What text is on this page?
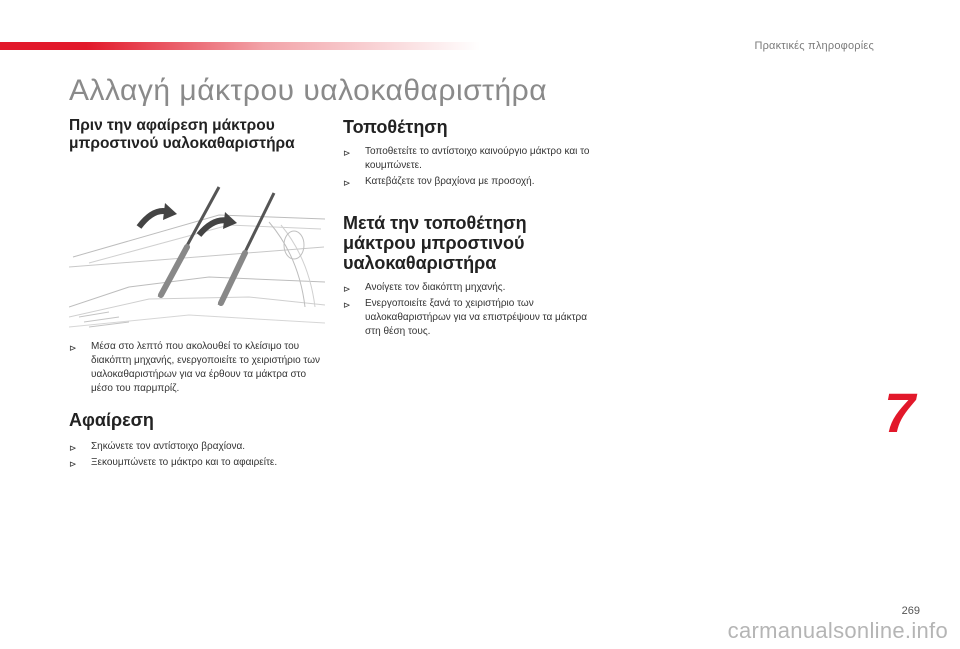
Πρακτικές πληροφορίες
Αλλαγή μάκτρου υαλοκαθαριστήρα
Πριν την αφαίρεση μάκτρου μπροστινού υαλοκαθαριστήρα
⊳ Μέσα στο λεπτό που ακολουθεί το κλείσιμο του διακόπτη μηχανής, ενεργοποιείτε το χειριστήριο των υαλοκαθαριστήρων για να έρθουν τα μάκτρα στο μέσο του παρμπρίζ.
Αφαίρεση
⊳ Σηκώνετε τον αντίστοιχο βραχίονα.
⊳ Ξεκουμπώνετε το μάκτρο και το αφαιρείτε.
Τοποθέτηση
⊳ Τοποθετείτε το αντίστοιχο καινούργιο μάκτρο και το κουμπώνετε.
⊳ Κατεβάζετε τον βραχίονα με προσοχή.
Μετά την τοποθέτηση μάκτρου μπροστινού υαλοκαθαριστήρα
⊳ Ανοίγετε τον διακόπτη μηχανής.
⊳ Ενεργοποιείτε ξανά το χειριστήριο των υαλοκαθαριστήρων για να επιστρέψουν τα μάκτρα στη θέση τους.
7
269
carmanualsonline.info
